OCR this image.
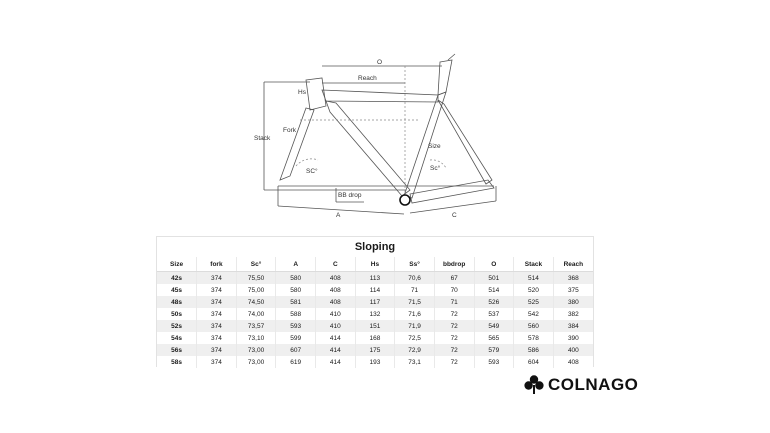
O
Reach
Hs
Stack
Fork
SC°
Size
Sc°
BB drop
A	C
Sloping
Size	fork	Sc°	A	C	Hs	Ss°	bbdrop	O	Stack	Reach
42s	374	75,50	580	408	113	70,6	67	501	514	368
45s	374	75,00	580	408	114	71	70	514	520	375
48s	374	74,50	581	408	117	71,5	71	526	525	380
50s	374	74,00	588	410	132	71,6	72	537	542	382
52s	374	73,57	593	410	151	71,9	72	549	560	384
54s	374	73,10	599	414	168	72,5	72	565	578	390
56s	374	73,00	607	414	175	72,9	72	579	586	400
58s	374	73,00	619	414	193	73,1	72	593	604	408
COLNAGO
